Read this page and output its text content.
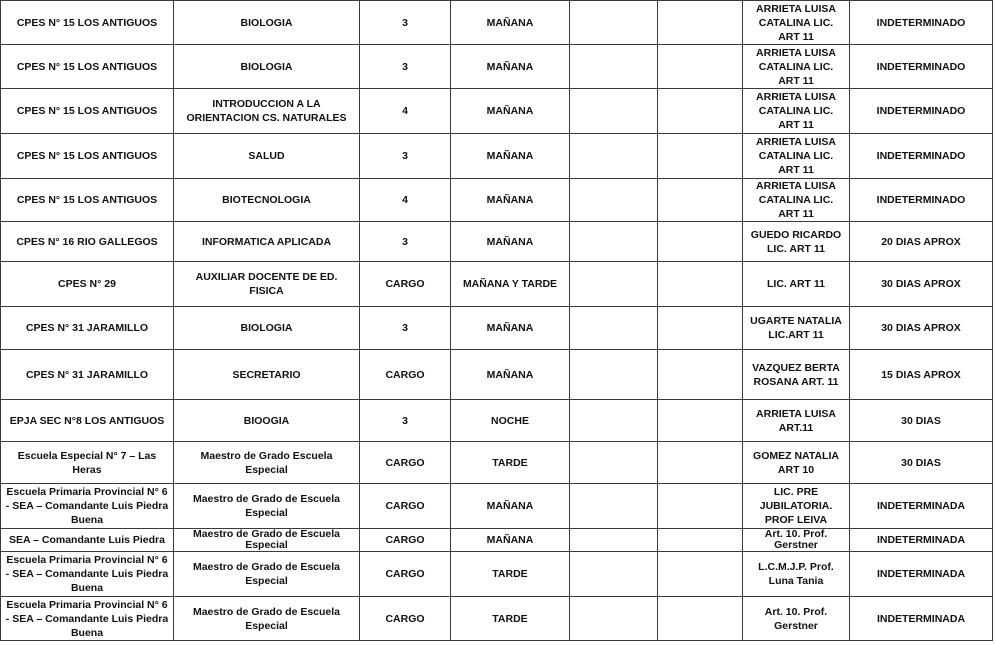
CPES N° 15 LOS ANTIGUOS	BIOLOGIA	3	MAÑANA			ARRIETA LUISA CATALINA LIC. ART 11	INDETERMINADO
CPES N° 15 LOS ANTIGUOS	BIOLOGIA	3	MAÑANA			ARRIETA LUISA CATALINA LIC. ART 11	INDETERMINADO
CPES N° 15 LOS ANTIGUOS	INTRODUCCION A LA ORIENTACION CS. NATURALES	4	MAÑANA			ARRIETA LUISA CATALINA LIC. ART 11	INDETERMINADO
CPES N° 15 LOS ANTIGUOS	SALUD	3	MAÑANA			ARRIETA LUISA CATALINA LIC. ART 11	INDETERMINADO
CPES N° 15 LOS ANTIGUOS	BIOTECNOLOGIA	4	MAÑANA			ARRIETA LUISA CATALINA LIC. ART 11	INDETERMINADO
CPES N° 16 RIO GALLEGOS	INFORMATICA APLICADA	3	MAÑANA			GUEDO RICARDO LIC. ART 11	20 DIAS APROX
CPES N° 29	AUXILIAR DOCENTE DE ED. FISICA	CARGO	MAÑANA Y TARDE			LIC. ART 11	30 DIAS APROX
CPES N° 31 JARAMILLO	BIOLOGIA	3	MAÑANA			UGARTE NATALIA LIC.ART 11	30 DIAS APROX
CPES N° 31 JARAMILLO	SECRETARIO	CARGO	MAÑANA			VAZQUEZ BERTA ROSANA ART. 11	15 DIAS APROX
EPJA SEC N°8 LOS ANTIGUOS	BIOOGIA	3	NOCHE			ARRIETA LUISA ART.11	30 DIAS
Escuela Especial N° 7 – Las Heras	Maestro de Grado Escuela Especial	CARGO	TARDE			GOMEZ NATALIA ART 10	30 DIAS
Escuela Primaria Provincial N° 6 - SEA – Comandante Luis Piedra Buena	Maestro de Grado de Escuela Especial	CARGO	MAÑANA			LIC. PRE JUBILATORIA. PROF LEIVA	INDETERMINADA
SEA – Comandante Luis Piedra	Maestro de Grado de Escuela Especial	CARGO	MAÑANA			Art. 10. Prof. Gerstner	INDETERMINADA
Escuela Primaria Provincial N° 6 - SEA – Comandante Luis Piedra Buena	Maestro de Grado de Escuela Especial	CARGO	TARDE			L.C.M.J.P. Prof. Luna Tania	INDETERMINADA
Escuela Primaria Provincial N° 6 - SEA – Comandante Luis Piedra Buena	Maestro de Grado de Escuela Especial	CARGO	TARDE			Art. 10. Prof. Gerstner	INDETERMINADA
